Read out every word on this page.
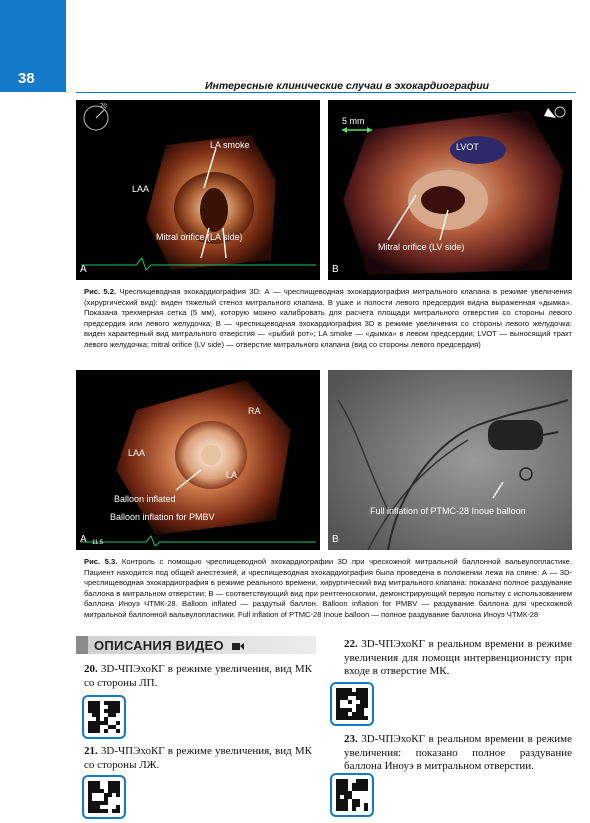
38	Интересные клинические случаи в эхокардиографии
70
LA smoke
LAA
Mitral orifice (LA side)
A
5 mm
LVOT
Mitral orifice (LV side)
B
Рис. 5.2. Чреспищеводная эхокардиография 3D: А — чреспищеводная эхокардиография митрального клапана в режиме увеличения (хирургический вид): виден тяжелый стеноз митрального клапана. В ушке и полости левого предсердия видна выраженная «дымка». Показана трехмерная сетка (5 мм), которую можно калибровать для расчета площади митрального отверстия со стороны левого предсердия или левого желудочка; В — чреспищеводная эхокардиография 3D в режиме увеличения со стороны левого желудочка: виден характерный вид митрального отверстия — «рыбий рот»; LA smoke — «дымка» в левом предсердии; LVOT — выносящий тракт левого желудочка; mitral orifice (LV side) — отверстие митрального клапана (вид со стороны левого предсердия)
RA
LAA
LA
Balloon inflated
Balloon inflation for PMBV
A 11.5
Full inflation of PTMC-28 Inoue balloon
B
Рис. 5.3. Контроль с помощью чреспищеводной эхокардиографии 3D при чрескожной митральной баллонной вальвулопластике. Пациент находится под общей анестезией, и чреспищеводная эхокардиография была проведена в положении лежа на спине: А — 3D-чреспищеводная эхокардиография в режиме реального времени, хирургический вид митрального клапана: показано полное раздувание баллона в митральном отверстии; В — соответствующий вид при рентгеноскопии, демонстрирующий первую попытку с использованием баллона Иноуэ ЧТМК-28. Balloon inflated — раздутый баллон. Balloon inflation for PMBV — раздувание баллона для чрескожной митральной баллонной вальвулопластики. Full inflation of PTMC-28 Inoue balloon — полное раздувание баллона Иноуэ ЧТМК-28
ОПИСАНИЯ ВИДЕО
20. 3D-ЧПЭхоКГ в режиме увеличения, вид МК со стороны ЛП.
21. 3D-ЧПЭхоКГ в режиме увеличения, вид МК со стороны ЛЖ.
22. 3D-ЧПЭхоКГ в реальном времени в режиме увеличения для помощи интервенционисту при входе в отверстие МК.
23. 3D-ЧПЭхоКГ в реальном времени в режиме увеличения: показано полное раздувание баллона Иноуэ в митральном отверстии.
